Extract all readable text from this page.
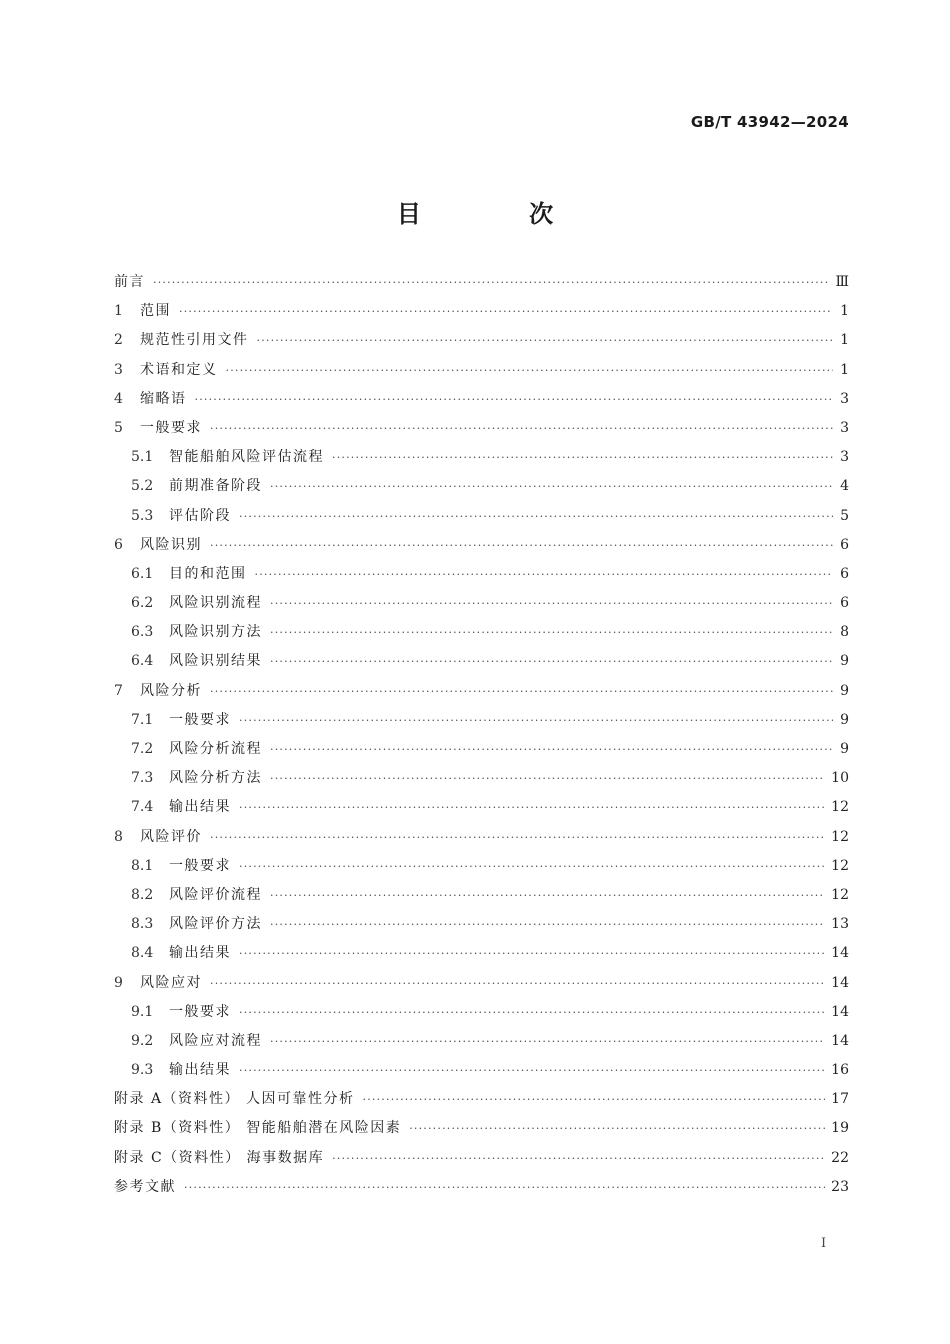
GB/T 43942—2024
目 次
前言 ·····	Ⅲ
1	范围 ·····	1
2	规范性引用文件 ·····	1
3	术语和定义 ·····	1
4	缩略语 ·····	3
5	一般要求 ·····	3
5.1	智能船舶风险评估流程 ·····	3
5.2	前期准备阶段 ·····	4
5.3	评估阶段 ·····	5
6	风险识别 ·····	6
6.1	目的和范围 ·····	6
6.2	风险识别流程 ·····	6
6.3	风险识别方法 ·····	8
6.4	风险识别结果 ·····	9
7	风险分析 ·····	9
7.1	一般要求 ·····	9
7.2	风险分析流程 ·····	9
7.3	风险分析方法 ·····	10
7.4	输出结果 ·····	12
8	风险评价 ·····	12
8.1	一般要求 ·····	12
8.2	风险评价流程 ·····	12
8.3	风险评价方法 ·····	13
8.4	输出结果 ·····	14
9	风险应对 ·····	14
9.1	一般要求 ·····	14
9.2	风险应对流程 ·····	14
9.3	输出结果 ·····	16
附录 A（资料性） 人因可靠性分析 ·····	17
附录 B（资料性） 智能船舶潜在风险因素 ·····	19
附录 C（资料性） 海事数据库 ·····	22
参考文献 ·····	23
Ⅰ
